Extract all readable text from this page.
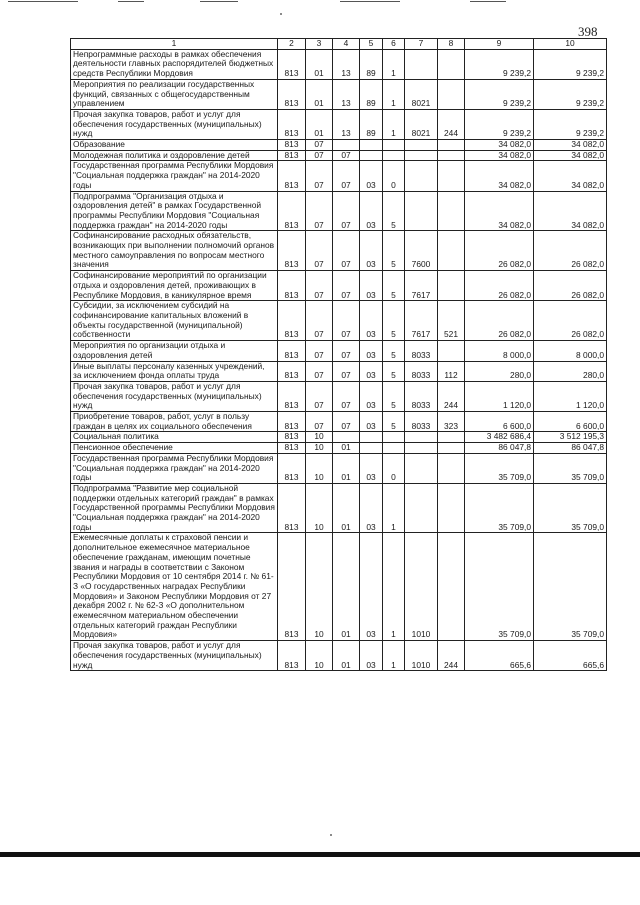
398
1	2	3	4	5	6	7	8	9	10
Непрограммные расходы в рамках обеспечения деятельности главных распорядителей бюджетных средств Республики Мордовия	813	01	13	89	1			9 239,2	9 239,2
Мероприятия по реализации государственных функций, связанных с общегосударственным управлением	813	01	13	89	1	8021		9 239,2	9 239,2
Прочая закупка товаров, работ и услуг для обеспечения государственных (муниципальных) нужд	813	01	13	89	1	8021	244	9 239,2	9 239,2
Образование	813	07						34 082,0	34 082,0
Молодежная политика и оздоровление детей	813	07	07					34 082,0	34 082,0
Государственная программа Республики Мордовия "Социальная поддержка граждан" на 2014-2020 годы	813	07	07	03	0			34 082,0	34 082,0
Подпрограмма "Организация отдыха и оздоровления детей" в рамках Государственной программы Республики Мордовия "Социальная поддержка граждан" на 2014-2020 годы	813	07	07	03	5			34 082,0	34 082,0
Софинансирование расходных обязательств, возникающих при выполнении полномочий органов местного самоуправления по вопросам местного значения	813	07	07	03	5	7600		26 082,0	26 082,0
Софинансирование мероприятий по организации отдыха и оздоровления детей, проживающих в Республике Мордовия, в каникулярное время	813	07	07	03	5	7617		26 082,0	26 082,0
Субсидии, за исключением субсидий на софинансирование капитальных вложений в объекты государственной (муниципальной) собственности	813	07	07	03	5	7617	521	26 082,0	26 082,0
Мероприятия по организации отдыха и оздоровления детей	813	07	07	03	5	8033		8 000,0	8 000,0
Иные выплаты персоналу казенных учреждений, за исключением фонда оплаты труда	813	07	07	03	5	8033	112	280,0	280,0
Прочая закупка товаров, работ и услуг для обеспечения государственных (муниципальных) нужд	813	07	07	03	5	8033	244	1 120,0	1 120,0
Приобретение товаров, работ, услуг в пользу граждан в целях их социального обеспечения	813	07	07	03	5	8033	323	6 600,0	6 600,0
Социальная политика	813	10						3 482 686,4	3 512 195,3
Пенсионное обеспечение	813	10	01					86 047,8	86 047,8
Государственная программа Республики Мордовия "Социальная поддержка граждан" на 2014-2020 годы	813	10	01	03	0			35 709,0	35 709,0
Подпрограмма "Развитие мер социальной поддержки отдельных категорий граждан" в рамках Государственной программы Республики Мордовия "Социальная поддержка граждан" на 2014-2020 годы	813	10	01	03	1			35 709,0	35 709,0
Ежемесячные доплаты к страховой пенсии и дополнительное ежемесячное материальное обеспечение гражданам, имеющим почетные звания и награды в соответствии с Законом Республики Мордовия от 10 сентября 2014 г. № 61-З «О государственных наградах Республики Мордовия» и Законом Республики Мордовия от 27 декабря 2002 г. № 62-З «О дополнительном ежемесячном материальном обеспечении отдельных категорий граждан Республики Мордовия»	813	10	01	03	1	1010		35 709,0	35 709,0
Прочая закупка товаров, работ и услуг для обеспечения государственных (муниципальных) нужд	813	10	01	03	1	1010	244	665,6	665,6
